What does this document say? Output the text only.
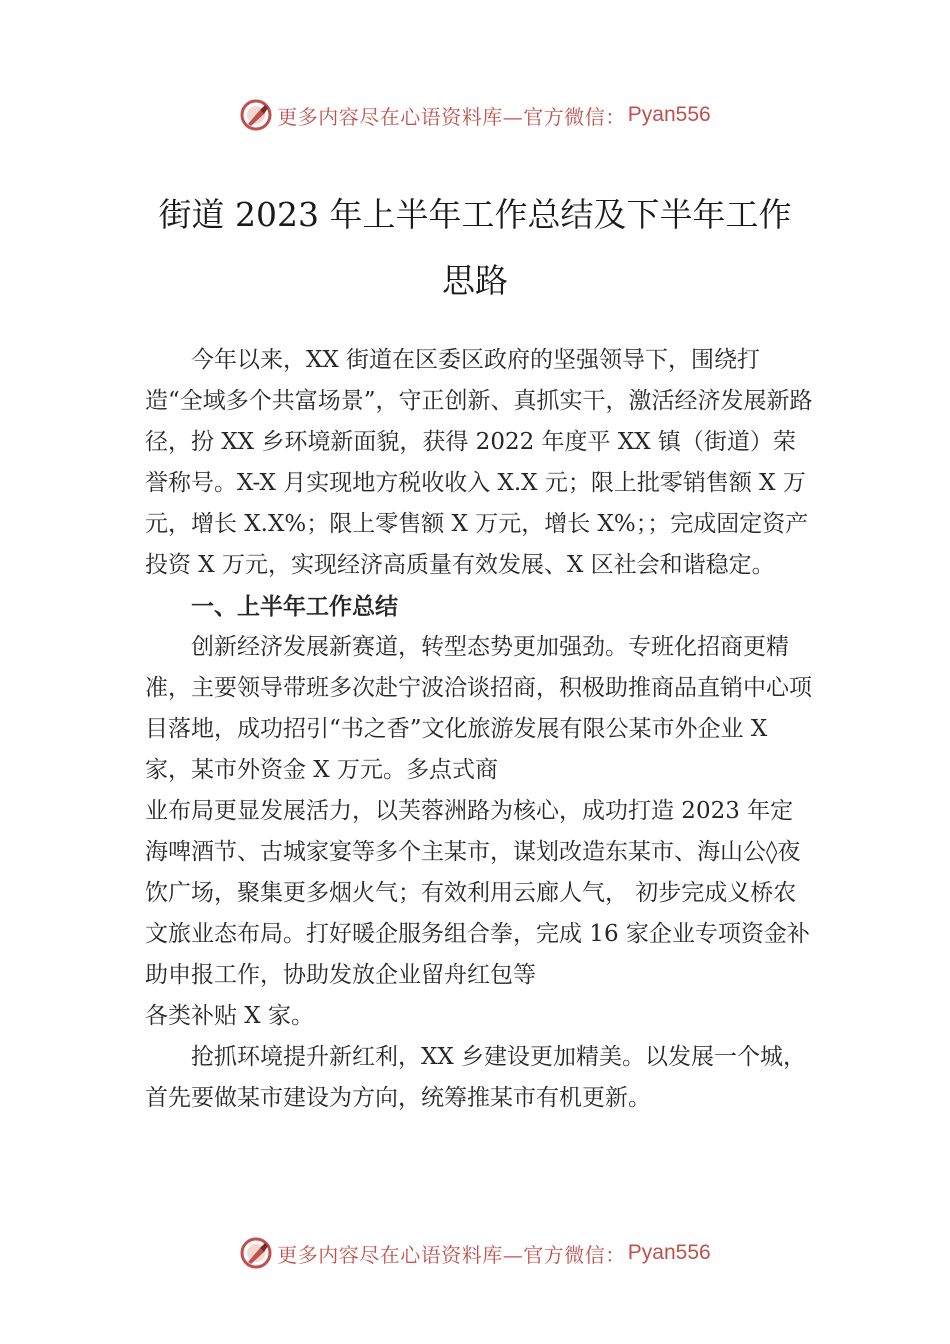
更多内容尽在心语资料库—官方微信： Pyan556
街道 2023 年上半年工作总结及下半年工作
思路

今年以来，XX 街道在区委区政府的坚强领导下，围绕打造“全域多个共富场景”，守正创新、真抓实干，激活经济发展新路径，扮 XX 乡环境新面貌，获得 2022 年度平 XX 镇（街道）荣誉称号。X-X 月实现地方税收收入 X.X 元；限上批零销售额 X 万元，增长 X.X%；限上零售额 X 万元，增长 X%；；完成固定资产投资 X 万元，实现经济高质量有效发展、X 区社会和谐稳定。

一、上半年工作总结

创新经济发展新赛道，转型态势更加强劲。专班化招商更精准，主要领导带班多次赴宁波洽谈招商，积极助推商品直销中心项目落地，成功招引“书之香”文化旅游发展有限公某市外企业 X 家，某市外资金 X 万元。多点式商

业布局更显发展活力，以芙蓉洲路为核心，成功打造 2023 年定海啤酒节、古城家宴等多个主某市，谋划改造东某市、海山公◊夜饮广场，聚集更多烟火气；有效利用云廊人气， 初步完成义桥农文旅业态布局。打好暖企服务组合拳，完成 16 家企业专项资金补助申报工作，协助发放企业留舟红包等

各类补贴 X 家。

抢抓环境提升新红利，XX 乡建设更加精美。以发展一个城，首先要做某市建设为方向，统筹推某市有机更新。

更多内容尽在心语资料库—官方微信： Pyan556
